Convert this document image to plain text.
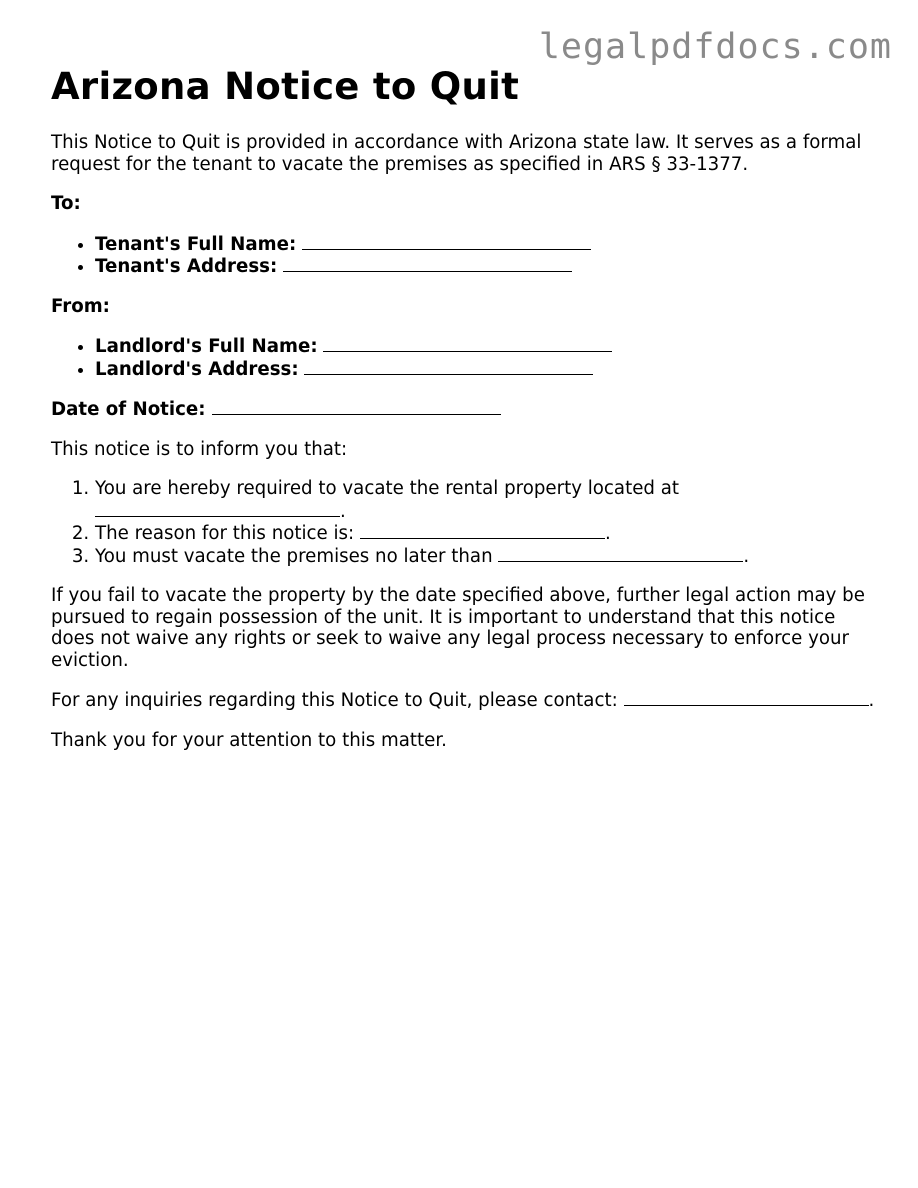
legalpdfdocs.com
Arizona Notice to Quit

This Notice to Quit is provided in accordance with Arizona state law. It serves as a formal request for the tenant to vacate the premises as specified in ARS § 33-1377.

To:

• Tenant's Full Name:
• Tenant's Address:

From:

• Landlord's Full Name:
• Landlord's Address:

Date of Notice:

This notice is to inform you that:

1. You are hereby required to vacate the rental property located at .
2. The reason for this notice is:	.
3. You must vacate the premises no later than	.

If you fail to vacate the property by the date specified above, further legal action may be pursued to regain possession of the unit. It is important to understand that this notice does not waive any rights or seek to waive any legal process necessary to enforce your eviction.

For any inquiries regarding this Notice to Quit, please contact:	.

Thank you for your attention to this matter.
